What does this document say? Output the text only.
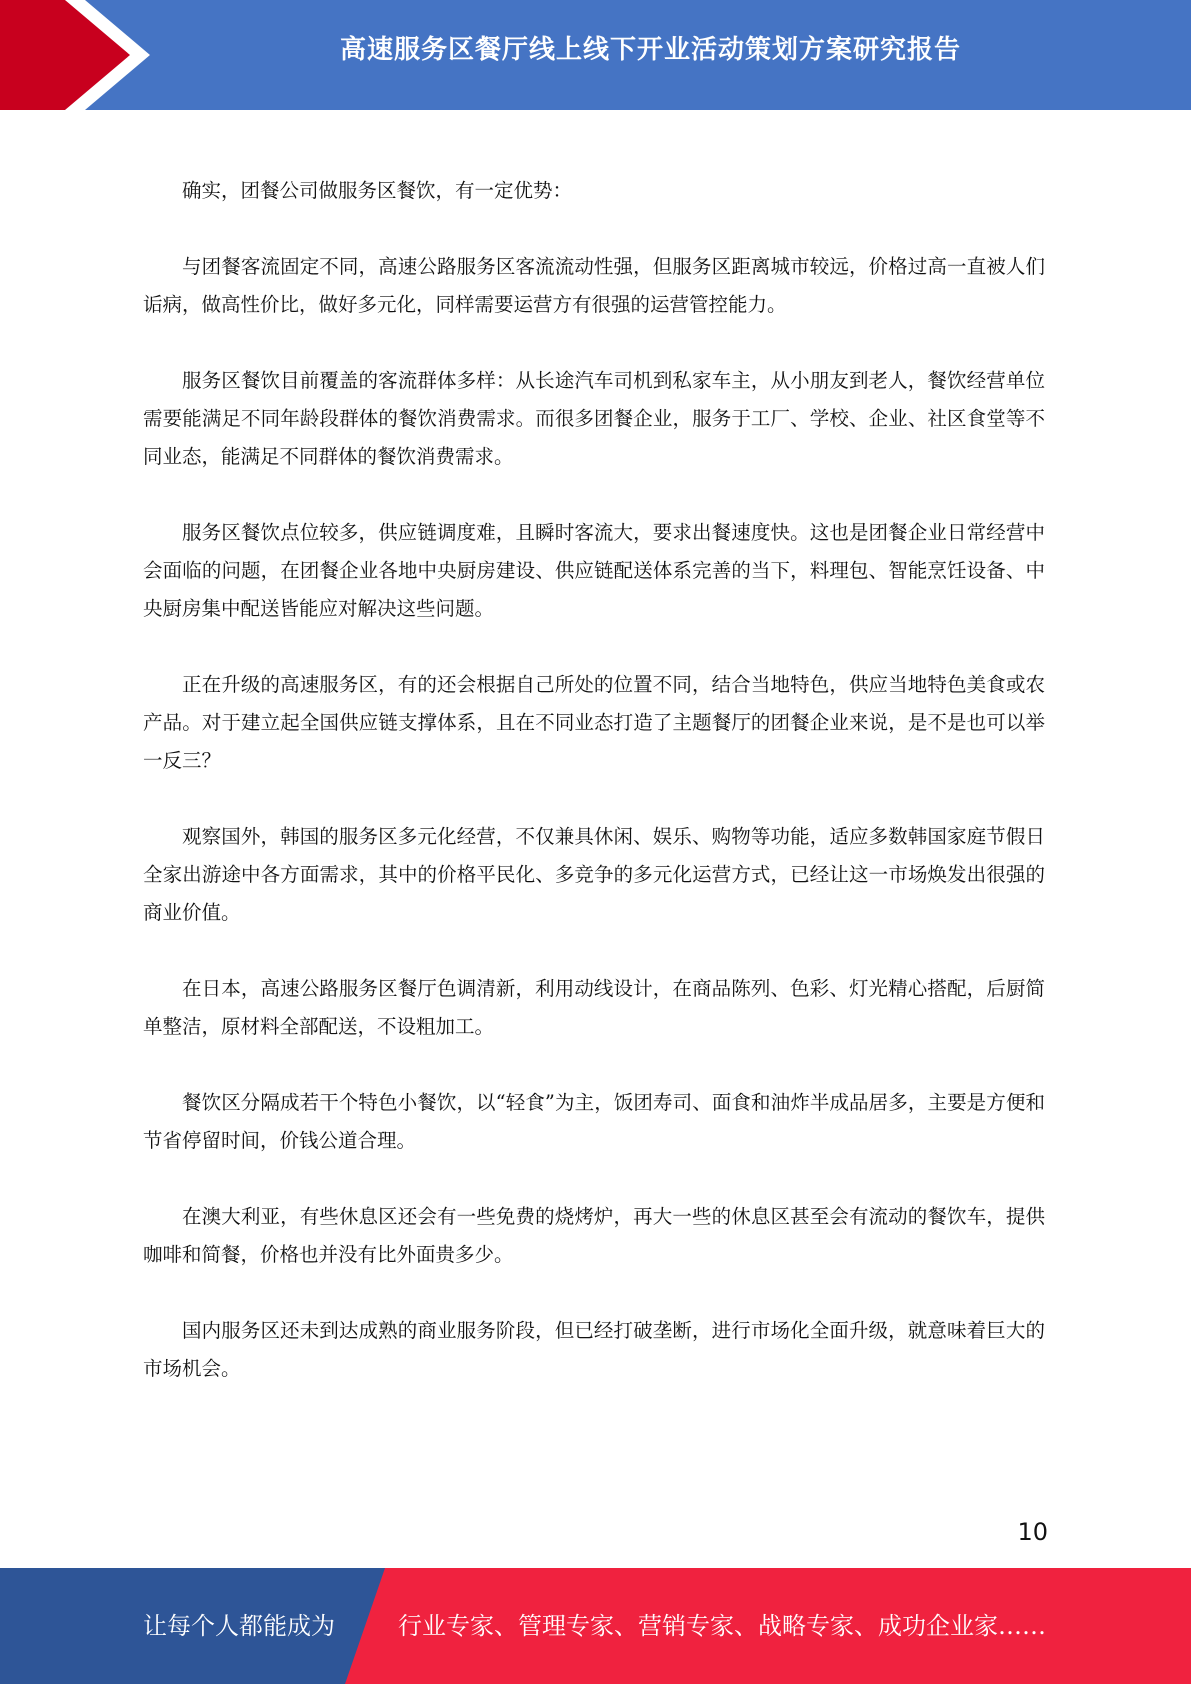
高速服务区餐厅线上线下开业活动策划方案研究报告

确实，团餐公司做服务区餐饮，有一定优势：

与团餐客流固定不同，高速公路服务区客流流动性强，但服务区距离城市较远，价格过高一直被人们诟病，做高性价比，做好多元化，同样需要运营方有很强的运营管控能力。

服务区餐饮目前覆盖的客流群体多样：从长途汽车司机到私家车主，从小朋友到老人，餐饮经营单位需要能满足不同年龄段群体的餐饮消费需求。而很多团餐企业，服务于工厂、学校、企业、社区食堂等不同业态，能满足不同群体的餐饮消费需求。

服务区餐饮点位较多，供应链调度难，且瞬时客流大，要求出餐速度快。这也是团餐企业日常经营中会面临的问题，在团餐企业各地中央厨房建设、供应链配送体系完善的当下，料理包、智能烹饪设备、中央厨房集中配送皆能应对解决这些问题。

正在升级的高速服务区，有的还会根据自己所处的位置不同，结合当地特色，供应当地特色美食或农产品。对于建立起全国供应链支撑体系，且在不同业态打造了主题餐厅的团餐企业来说，是不是也可以举一反三？

观察国外，韩国的服务区多元化经营，不仅兼具休闲、娱乐、购物等功能，适应多数韩国家庭节假日全家出游途中各方面需求，其中的价格平民化、多竞争的多元化运营方式，已经让这一市场焕发出很强的商业价值。

在日本，高速公路服务区餐厅色调清新，利用动线设计，在商品陈列、色彩、灯光精心搭配，后厨简单整洁，原材料全部配送，不设粗加工。

餐饮区分隔成若干个特色小餐饮，以“轻食”为主，饭团寿司、面食和油炸半成品居多，主要是方便和节省停留时间，价钱公道合理。

在澳大利亚，有些休息区还会有一些免费的烧烤炉，再大一些的休息区甚至会有流动的餐饮车，提供咖啡和简餐，价格也并没有比外面贵多少。

国内服务区还未到达成熟的商业服务阶段，但已经打破垄断，进行市场化全面升级，就意味着巨大的市场机会。

10
让每个人都能成为	行业专家、管理专家、营销专家、战略专家、成功企业家……
